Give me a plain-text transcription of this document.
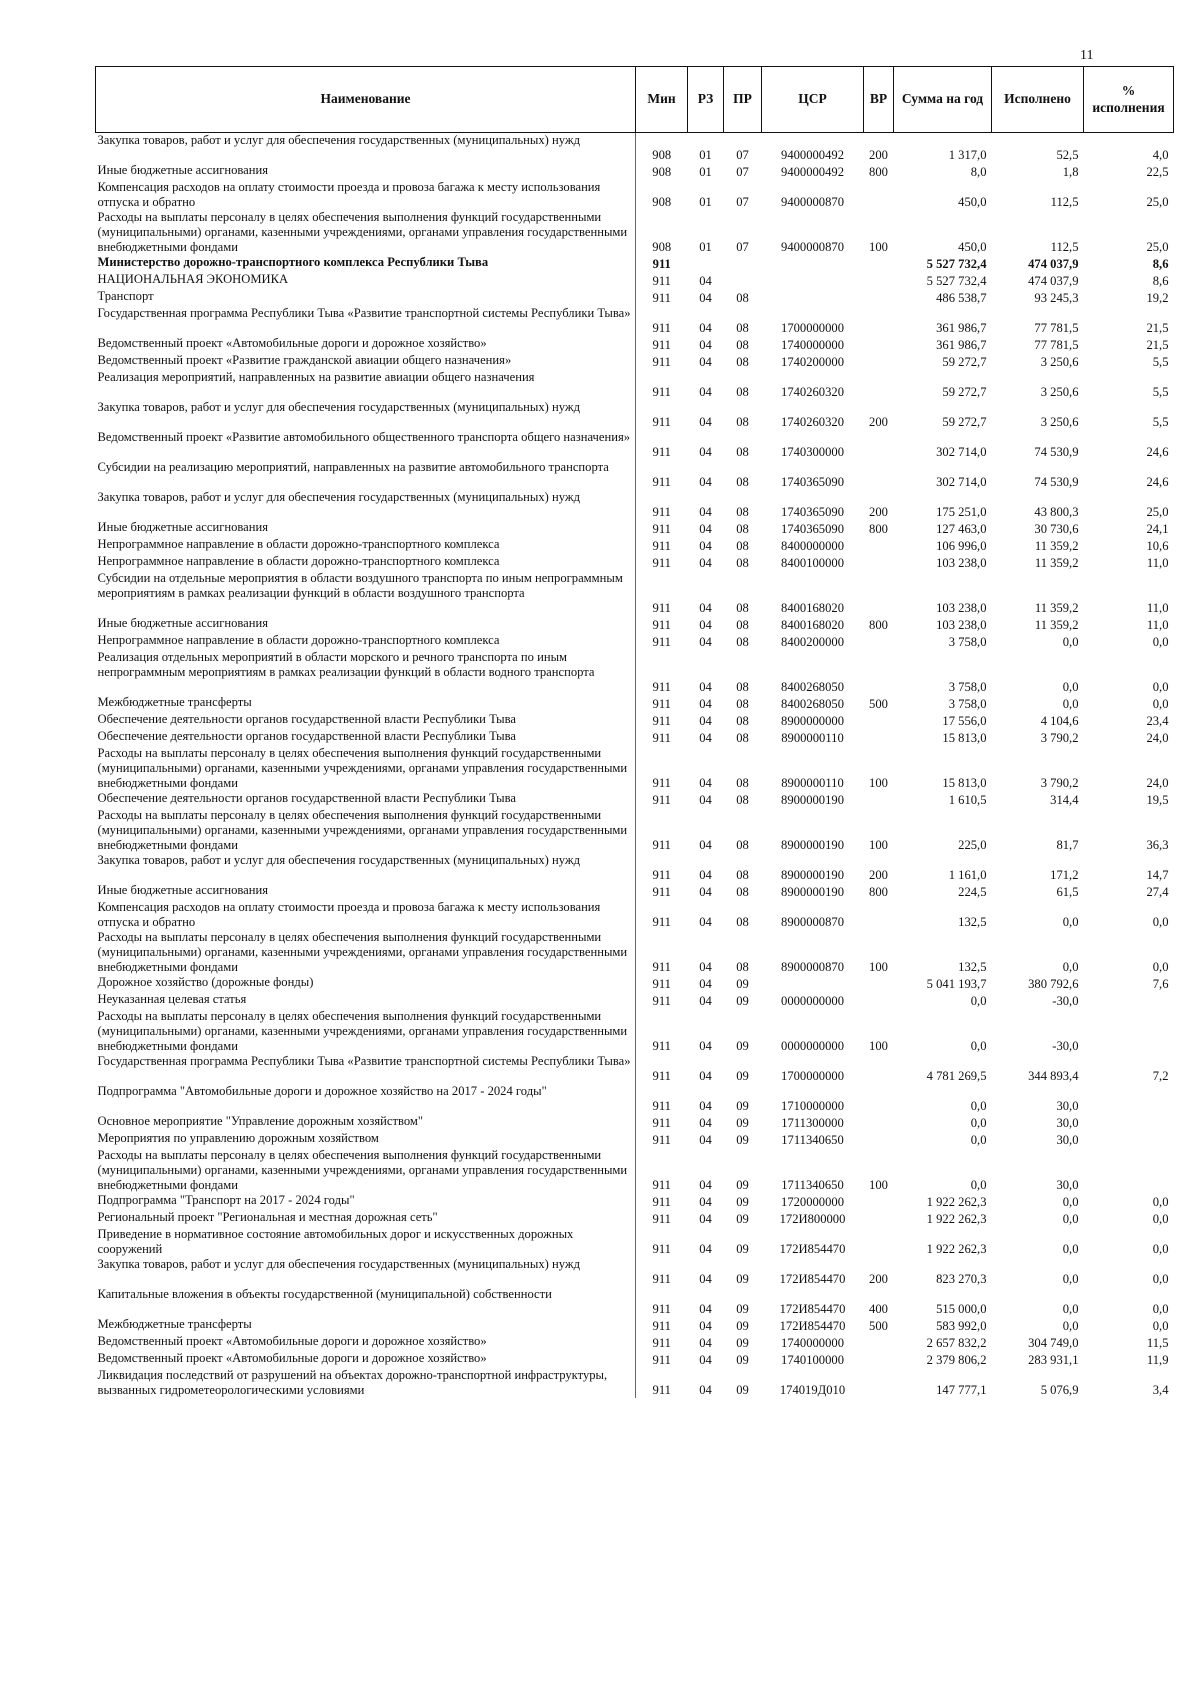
11
Наименование	Мин	РЗ	ПР	ЦСР	ВР	Сумма на год	Исполнено	% исполнения
Закупка товаров, работ и услуг для обеспечения государственных (муниципальных) нужд	908	01	07	9400000492	200	1 317,0	52,5	4,0
Иные бюджетные ассигнования	908	01	07	9400000492	800	8,0	1,8	22,5
Компенсация расходов на оплату стоимости проезда и провоза багажа к месту использования отпуска и обратно	908	01	07	9400000870		450,0	112,5	25,0
Расходы на выплаты персоналу в целях обеспечения выполнения функций государственными (муниципальными) органами, казенными учреждениями, органами управления государственными внебюджетными фондами	908	01	07	9400000870	100	450,0	112,5	25,0
Министерство дорожно-транспортного комплекса Республики Тыва	911					5 527 732,4	474 037,9	8,6
НАЦИОНАЛЬНАЯ ЭКОНОМИКА	911	04				5 527 732,4	474 037,9	8,6
Транспорт	911	04	08			486 538,7	93 245,3	19,2
Государственная программа Республики Тыва «Развитие транспортной системы Республики Тыва»	911	04	08	1700000000		361 986,7	77 781,5	21,5
Ведомственный проект «Автомобильные дороги и дорожное хозяйство»	911	04	08	1740000000		361 986,7	77 781,5	21,5
Ведомственный проект «Развитие гражданской авиации общего назначения»	911	04	08	1740200000		59 272,7	3 250,6	5,5
Реализация мероприятий, направленных на развитие авиации общего назначения	911	04	08	1740260320		59 272,7	3 250,6	5,5
Закупка товаров, работ и услуг для обеспечения государственных (муниципальных) нужд	911	04	08	1740260320	200	59 272,7	3 250,6	5,5
Ведомственный проект «Развитие автомобильного общественного транспорта общего назначения»	911	04	08	1740300000		302 714,0	74 530,9	24,6
Субсидии на реализацию мероприятий, направленных на развитие автомобильного транспорта	911	04	08	1740365090		302 714,0	74 530,9	24,6
Закупка товаров, работ и услуг для обеспечения государственных (муниципальных) нужд	911	04	08	1740365090	200	175 251,0	43 800,3	25,0
Иные бюджетные ассигнования	911	04	08	1740365090	800	127 463,0	30 730,6	24,1
Непрограммное направление в области дорожно-транспортного комплекса	911	04	08	8400000000		106 996,0	11 359,2	10,6
Непрограммное направление в области дорожно-транспортного комплекса	911	04	08	8400100000		103 238,0	11 359,2	11,0
Субсидии на отдельные мероприятия в области воздушного транспорта по иным непрограммным мероприятиям в рамках реализации функций в области воздушного транспорта	911	04	08	8400168020		103 238,0	11 359,2	11,0
Иные бюджетные ассигнования	911	04	08	8400168020	800	103 238,0	11 359,2	11,0
Непрограммное направление в области дорожно-транспортного комплекса	911	04	08	8400200000		3 758,0	0,0	0,0
Реализация отдельных мероприятий в области морского и речного транспорта по иным непрограммным мероприятиям в рамках реализации функций в области водного транспорта	911	04	08	8400268050		3 758,0	0,0	0,0
Межбюджетные трансферты	911	04	08	8400268050	500	3 758,0	0,0	0,0
Обеспечение деятельности органов государственной власти Республики Тыва	911	04	08	8900000000		17 556,0	4 104,6	23,4
Обеспечение деятельности органов государственной власти Республики Тыва	911	04	08	8900000110		15 813,0	3 790,2	24,0
Расходы на выплаты персоналу в целях обеспечения выполнения функций государственными (муниципальными) органами, казенными учреждениями, органами управления государственными внебюджетными фондами	911	04	08	8900000110	100	15 813,0	3 790,2	24,0
Обеспечение деятельности органов государственной власти Республики Тыва	911	04	08	8900000190		1 610,5	314,4	19,5
Расходы на выплаты персоналу в целях обеспечения выполнения функций государственными (муниципальными) органами, казенными учреждениями, органами управления государственными внебюджетными фондами	911	04	08	8900000190	100	225,0	81,7	36,3
Закупка товаров, работ и услуг для обеспечения государственных (муниципальных) нужд	911	04	08	8900000190	200	1 161,0	171,2	14,7
Иные бюджетные ассигнования	911	04	08	8900000190	800	224,5	61,5	27,4
Компенсация расходов на оплату стоимости проезда и провоза багажа к месту использования отпуска и обратно	911	04	08	8900000870		132,5	0,0	0,0
Расходы на выплаты персоналу в целях обеспечения выполнения функций государственными (муниципальными) органами, казенными учреждениями, органами управления государственными внебюджетными фондами	911	04	08	8900000870	100	132,5	0,0	0,0
Дорожное хозяйство (дорожные фонды)	911	04	09			5 041 193,7	380 792,6	7,6
Неуказанная целевая статья	911	04	09	0000000000		0,0	-30,0	
Расходы на выплаты персоналу в целях обеспечения выполнения функций государственными (муниципальными) органами, казенными учреждениями, органами управления государственными внебюджетными фондами	911	04	09	0000000000	100	0,0	-30,0	
Государственная программа Республики Тыва «Развитие транспортной системы Республики Тыва»	911	04	09	1700000000		4 781 269,5	344 893,4	7,2
Подпрограмма "Автомобильные дороги и дорожное хозяйство на 2017 - 2024 годы"	911	04	09	1710000000		0,0	30,0	
Основное мероприятие "Управление дорожным хозяйством"	911	04	09	1711300000		0,0	30,0	
Мероприятия по управлению дорожным хозяйством	911	04	09	1711340650		0,0	30,0	
Расходы на выплаты персоналу в целях обеспечения выполнения функций государственными (муниципальными) органами, казенными учреждениями, органами управления государственными внебюджетными фондами	911	04	09	1711340650	100	0,0	30,0	
Подпрограмма "Транспорт на 2017 - 2024 годы"	911	04	09	1720000000		1 922 262,3	0,0	0,0
Региональный проект "Региональная и местная дорожная сеть"	911	04	09	172И800000		1 922 262,3	0,0	0,0
Приведение в нормативное состояние автомобильных дорог и искусственных дорожных сооружений	911	04	09	172И854470		1 922 262,3	0,0	0,0
Закупка товаров, работ и услуг для обеспечения государственных (муниципальных) нужд	911	04	09	172И854470	200	823 270,3	0,0	0,0
Капитальные вложения в объекты государственной (муниципальной) собственности	911	04	09	172И854470	400	515 000,0	0,0	0,0
Межбюджетные трансферты	911	04	09	172И854470	500	583 992,0	0,0	0,0
Ведомственный проект «Автомобильные дороги и дорожное хозяйство»	911	04	09	1740000000		2 657 832,2	304 749,0	11,5
Ведомственный проект «Автомобильные дороги и дорожное хозяйство»	911	04	09	1740100000		2 379 806,2	283 931,1	11,9
Ликвидация последствий от разрушений на объектах дорожно-транспортной инфраструктуры, вызванных гидрометеорологическими условиями	911	04	09	174019Д010		147 777,1	5 076,9	3,4
